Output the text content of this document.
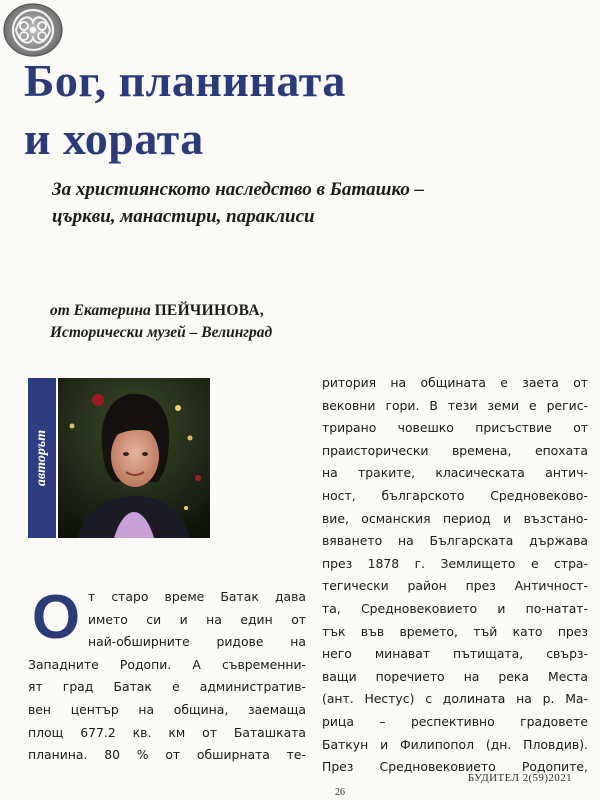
Бог, планината
и хората
За християнското наследство в Баташко –
църкви, манастири, параклиси
от Екатерина ПЕЙЧИНОВА,
Исторически музей – Велинград
авторът
О т старо време Батак дава
името си и на един от
най-обширните ридове на
Западните Родопи. А съвременни-
ят град Батак е административ-
вен център на община, заемаща
площ 677.2 кв. км от Баташката
планина. 80 % от обширната те-
ритория на общината е заета от
вековни гори. В тези земи е регис-
трирано човешко присъствие от
праисторически времена, епохата
на траките, класическата антич-
ност, българското Средновеково-
вие, османския период и възстано-
вяването на Българската държава
през 1878 г. Землището е стра-
тегически район през Античност-
та, Средновековието и по-натат-
тък във времето, тъй като през
него минават пътищата, свърз-
ващи поречието на река Места
(ант. Нестус) с долината на р. Ма-
рица – респективно градовете
Баткун и Филипопол (дн. Пловдив).
През Средновековието Родопите,
БУДИТЕЛ 2(59)2021
26
